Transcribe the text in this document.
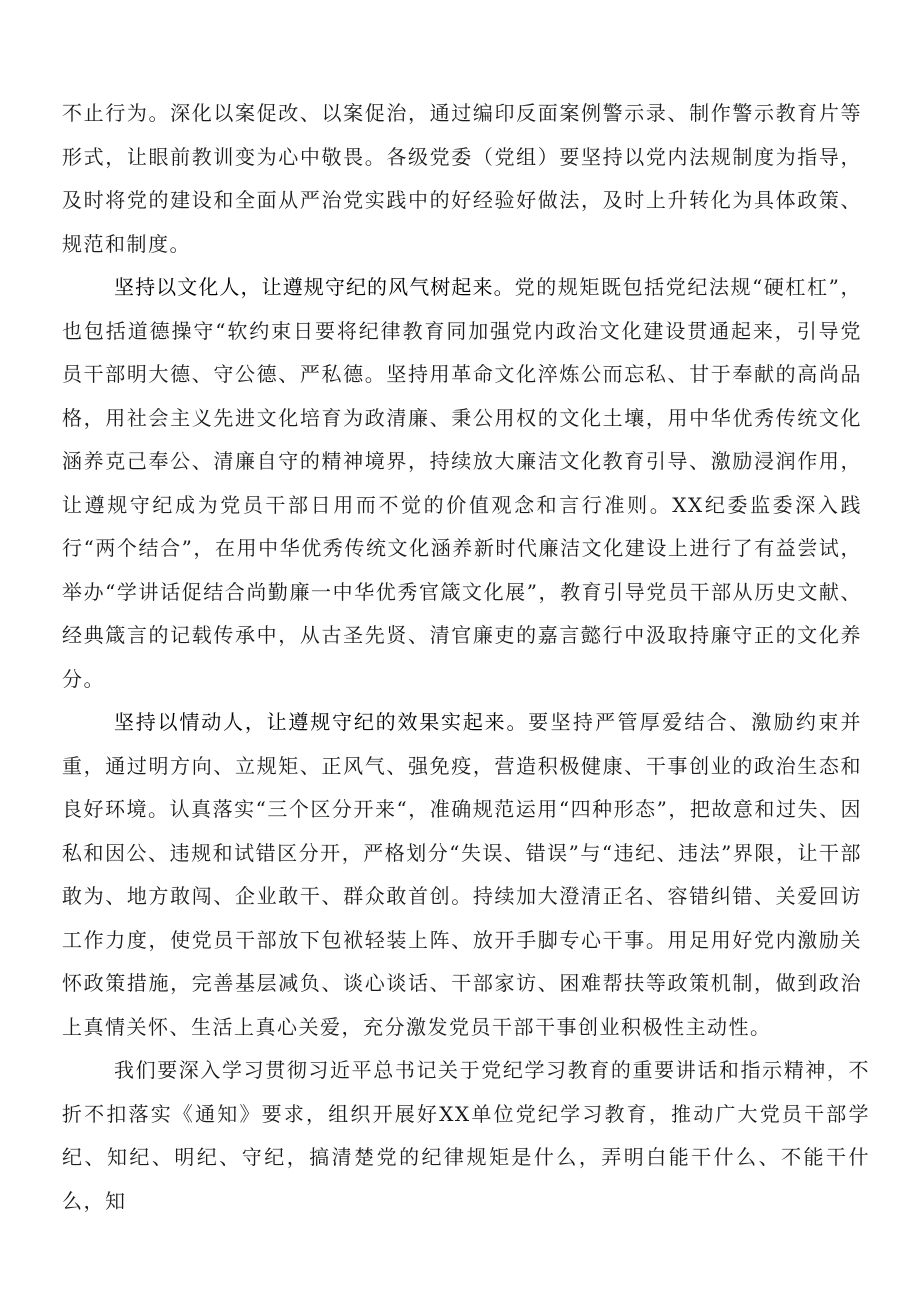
不止行为。深化以案促改、以案促治，通过编印反面案例警示录、制作警示教育片等形式，让眼前教训变为心中敬畏。各级党委（党组）要坚持以党内法规制度为指导，及时将党的建设和全面从严治党实践中的好经验好做法，及时上升转化为具体政策、规范和制度。

坚持以文化人，让遵规守纪的风气树起来。党的规矩既包括党纪法规“硬杠杠”，也包括道德操守“软约束日要将纪律教育同加强党内政治文化建设贯通起来，引导党员干部明大德、守公德、严私德。坚持用革命文化淬炼公而忘私、甘于奉献的高尚品格，用社会主义先进文化培育为政清廉、秉公用权的文化土壤，用中华优秀传统文化涵养克己奉公、清廉自守的精神境界，持续放大廉洁文化教育引导、激励浸润作用，让遵规守纪成为党员干部日用而不觉的价值观念和言行准则。XX纪委监委深入践行“两个结合”，在用中华优秀传统文化涵养新时代廉洁文化建设上进行了有益尝试，举办“学讲话促结合尚勤廉一中华优秀官箴文化展”，教育引导党员干部从历史文献、经典箴言的记载传承中，从古圣先贤、清官廉吏的嘉言懿行中汲取持廉守正的文化养分。

坚持以情动人，让遵规守纪的效果实起来。要坚持严管厚爱结合、激励约束并重，通过明方向、立规矩、正风气、强免疫，营造积极健康、干事创业的政治生态和良好环境。认真落实“三个区分开来“，准确规范运用“四种形态”，把故意和过失、因私和因公、违规和试错区分开，严格划分“失误、错误”与“违纪、违法”界限，让干部敢为、地方敢闯、企业敢干、群众敢首创。持续加大澄清正名、容错纠错、关爱回访工作力度，使党员干部放下包袱轻装上阵、放开手脚专心干事。用足用好党内激励关怀政策措施，完善基层减负、谈心谈话、干部家访、困难帮扶等政策机制，做到政治上真情关怀、生活上真心关爱，充分激发党员干部干事创业积极性主动性。

我们要深入学习贯彻习近平总书记关于党纪学习教育的重要讲话和指示精神，不折不扣落实《通知》要求，组织开展好XX单位党纪学习教育，推动广大党员干部学纪、知纪、明纪、守纪，搞清楚党的纪律规矩是什么，弄明白能干什么、不能干什么，知
